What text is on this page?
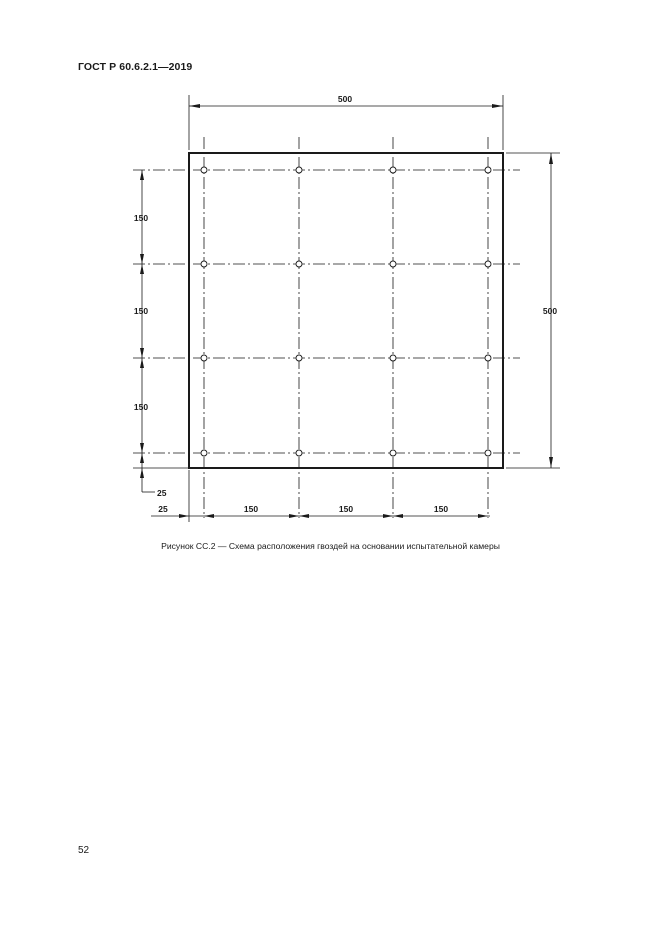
ГОСТ Р 60.6.2.1—2019
500
500
150
150
150
25
25	150	150	150
Рисунок СС.2 — Схема расположения гвоздей на основании испытательной камеры
52
